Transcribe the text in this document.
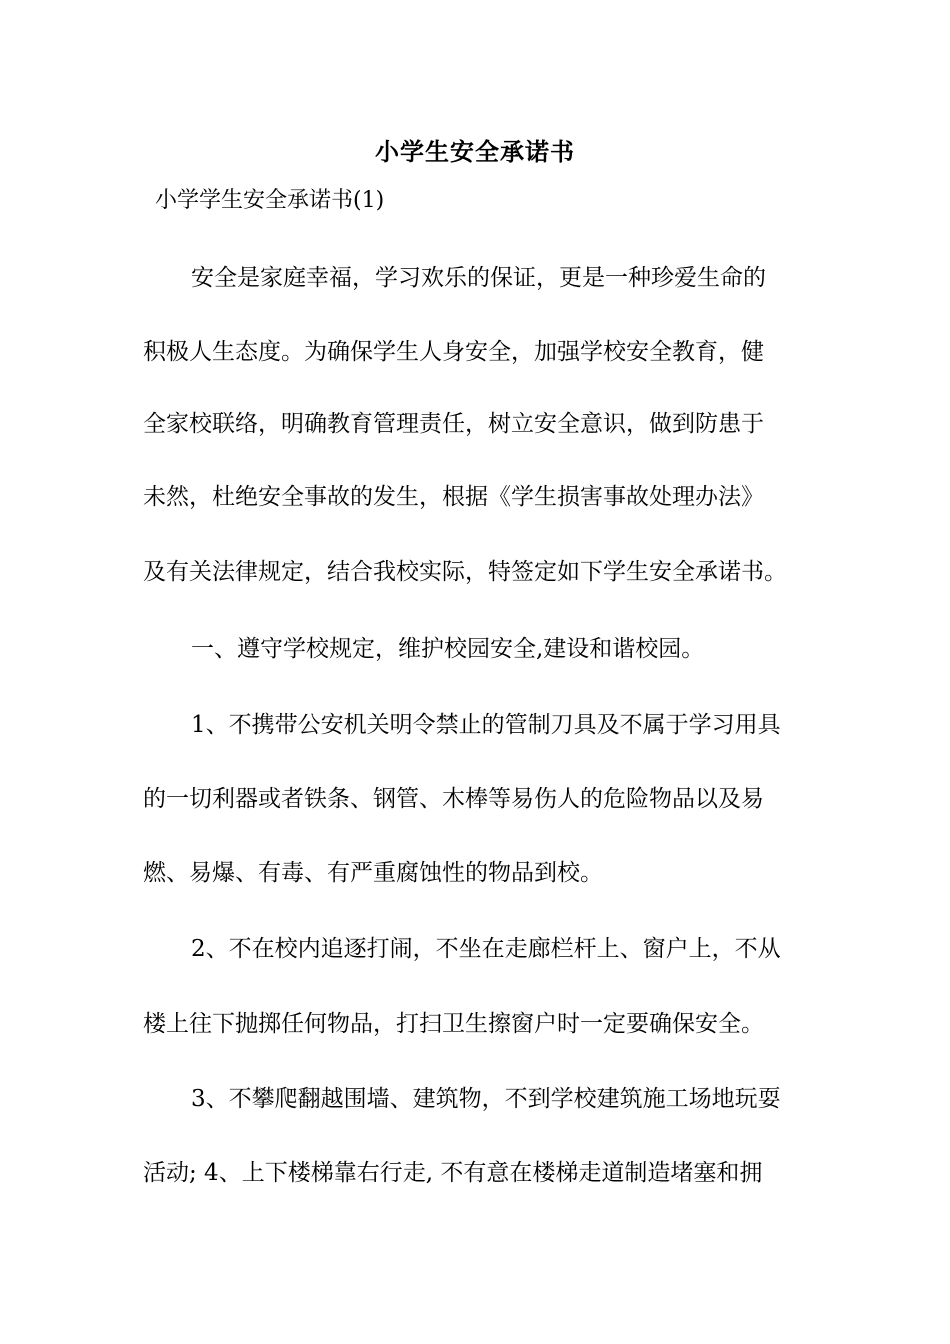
小学生安全承诺书
小学学生安全承诺书(1)
安全是家庭幸福，学习欢乐的保证，更是一种珍爱生命的
积极人生态度。为确保学生人身安全，加强学校安全教育，健
全家校联络，明确教育管理责任，树立安全意识，做到防患于
未然，杜绝安全事故的发生，根据《学生损害事故处理办法》
及有关法律规定，结合我校实际，特签定如下学生安全承诺书。
一、遵守学校规定，维护校园安全,建设和谐校园。
1、不携带公安机关明令禁止的管制刀具及不属于学习用具
的一切利器或者铁条、钢管、木棒等易伤人的危险物品以及易
燃、易爆、有毒、有严重腐蚀性的物品到校。
2、不在校内追逐打闹，不坐在走廊栏杆上、窗户上，不从
楼上往下抛掷任何物品，打扫卫生擦窗户时一定要确保安全。
3、不攀爬翻越围墙、建筑物，不到学校建筑施工场地玩耍
活动; 4、上下楼梯靠右行走, 不有意在楼梯走道制造堵塞和拥
